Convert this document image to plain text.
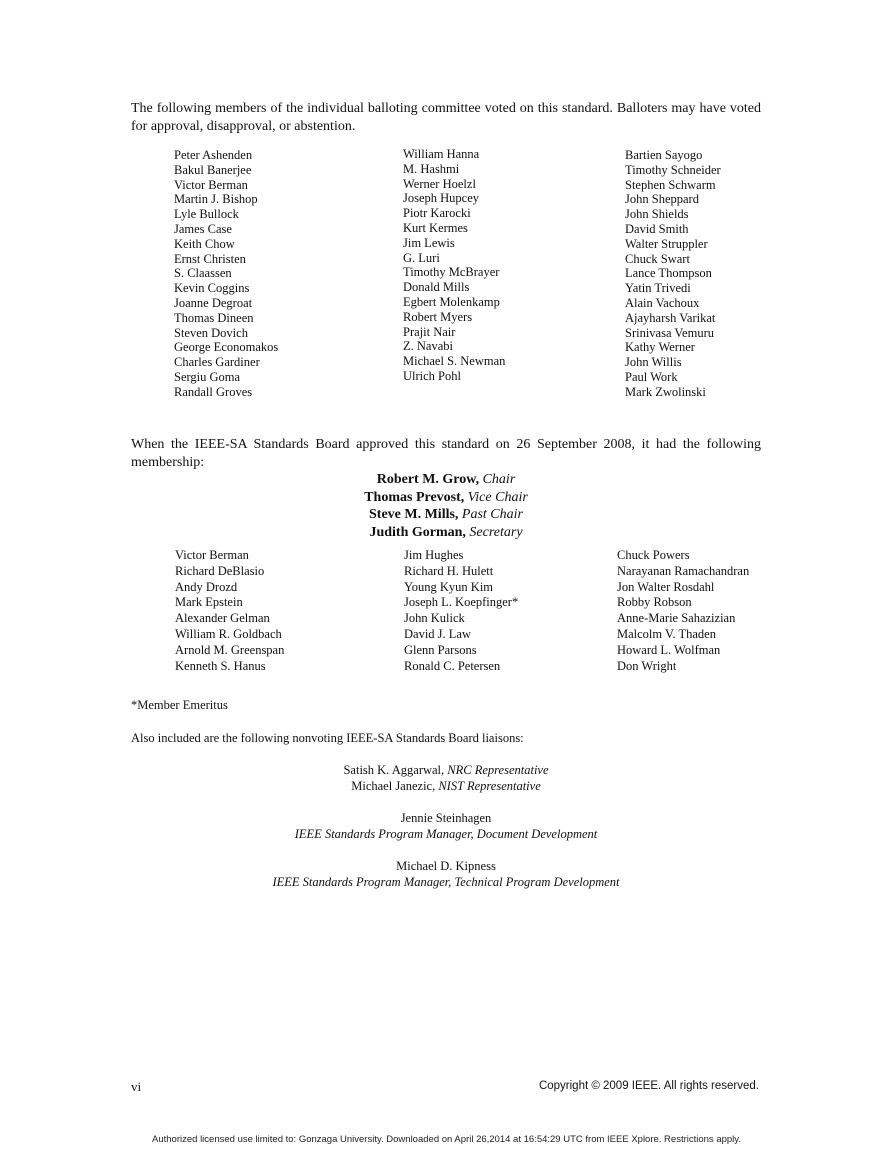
The following members of the individual balloting committee voted on this standard. Balloters may have voted for approval, disapproval, or abstention.

Peter Ashenden
Bakul Banerjee
Victor Berman
Martin J. Bishop
Lyle Bullock
James Case
Keith Chow
Ernst Christen
S. Claassen
Kevin Coggins
Joanne Degroat
Thomas Dineen
Steven Dovich
George Economakos
Charles Gardiner
Sergiu Goma
Randall Groves
William Hanna
M. Hashmi
Werner Hoelzl
Joseph Hupcey
Piotr Karocki
Kurt Kermes
Jim Lewis
G. Luri
Timothy McBrayer
Donald Mills
Egbert Molenkamp
Robert Myers
Prajit Nair
Z. Navabi
Michael S. Newman
Ulrich Pohl
Bartien Sayogo
Timothy Schneider
Stephen Schwarm
John Sheppard
John Shields
David Smith
Walter Struppler
Chuck Swart
Lance Thompson
Yatin Trivedi
Alain Vachoux
Ajayharsh Varikat
Srinivasa Vemuru
Kathy Werner
John Willis
Paul Work
Mark Zwolinski

When the IEEE-SA Standards Board approved this standard on 26 September 2008, it had the following membership:

Robert M. Grow, Chair
Thomas Prevost, Vice Chair
Steve M. Mills, Past Chair
Judith Gorman, Secretary
Victor Berman
Richard DeBlasio
Andy Drozd
Mark Epstein
Alexander Gelman
William R. Goldbach
Arnold M. Greenspan
Kenneth S. Hanus
Jim Hughes
Richard H. Hulett
Young Kyun Kim
Joseph L. Koepfinger*
John Kulick
David J. Law
Glenn Parsons
Ronald C. Petersen
Chuck Powers
Narayanan Ramachandran
Jon Walter Rosdahl
Robby Robson
Anne-Marie Sahazizian
Malcolm V. Thaden
Howard L. Wolfman
Don Wright
*Member Emeritus
Also included are the following nonvoting IEEE-SA Standards Board liaisons:
Satish K. Aggarwal, NRC Representative
Michael Janezic, NIST Representative
Jennie Steinhagen
IEEE Standards Program Manager, Document Development
Michael D. Kipness
IEEE Standards Program Manager, Technical Program Development
vi	Copyright © 2009 IEEE. All rights reserved.
Authorized licensed use limited to: Gonzaga University. Downloaded on April 26,2014 at 16:54:29 UTC from IEEE Xplore. Restrictions apply.
